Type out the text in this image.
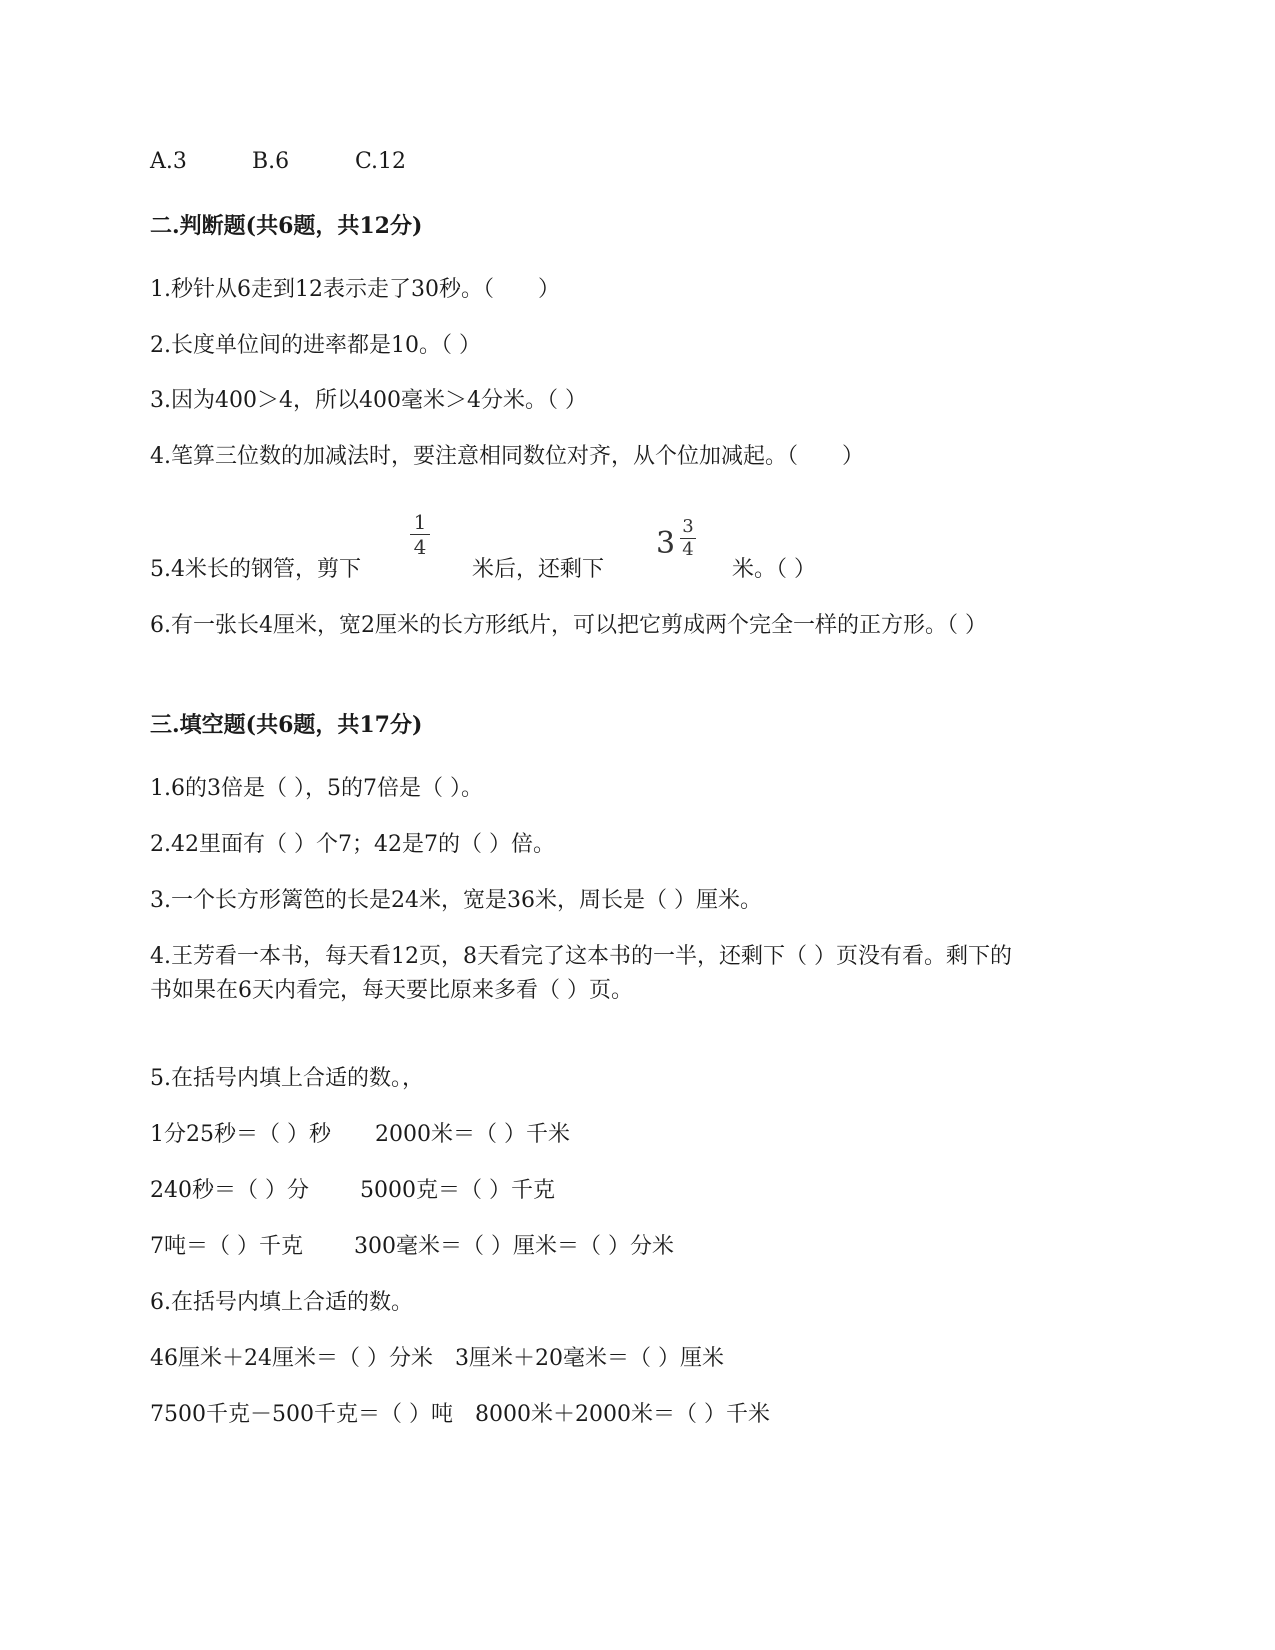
A.3	B.6	C.12
二.判断题(共6题，共12分)
1.秒针从6走到12表示走了30秒。（　　）
2.长度单位间的进率都是10。（ ）
3.因为400＞4，所以400毫米＞4分米。（ ）
4.笔算三位数的加减法时，要注意相同数位对齐，从个位加减起。（　　）
5.4米长的钢管，剪下
1
4
米后，还剩下
3 3
4
米。（ ）
6.有一张长4厘米，宽2厘米的长方形纸片，可以把它剪成两个完全一样的正方形。（ ）
三.填空题(共6题，共17分)
1.6的3倍是（ ），5的7倍是（ ）。
2.42里面有（ ）个7；42是7的（ ）倍。
3.一个长方形篱笆的长是24米，宽是36米，周长是（ ）厘米。
4.王芳看一本书，每天看12页，8天看完了这本书的一半，还剩下（ ）页没有看。剩下的
书如果在6天内看完，每天要比原来多看（ ）页。
5.在括号内填上合适的数。，
1分25秒＝（ ）秒　　2000米＝（ ）千米
240秒＝（ ）分　　 5000克＝（ ）千克
7吨＝（ ）千克　　 300毫米＝（ ）厘米＝（ ）分米
6.在括号内填上合适的数。
46厘米＋24厘米＝（ ）分米　3厘米＋20毫米＝（ ）厘米
7500千克－500千克＝（ ）吨　8000米＋2000米＝（ ）千米
